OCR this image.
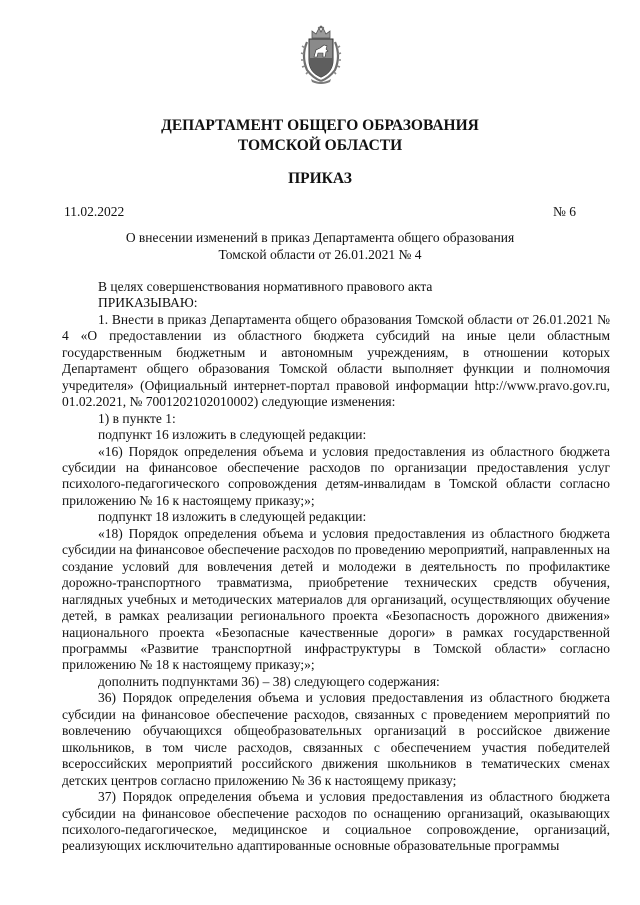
ДЕПАРТАМЕНТ ОБЩЕГО ОБРАЗОВАНИЯ
ТОМСКОЙ ОБЛАСТИ
ПРИКАЗ
11.02.2022	№ 6
О внесении изменений в приказ Департамента общего образования
Томской области от 26.01.2021 № 4

В целях совершенствования нормативного правового акта

ПРИКАЗЫВАЮ:

1. Внести в приказ Департамента общего образования Томской области от 26.01.2021 № 4 «О предоставлении из областного бюджета субсидий на иные цели областным государственным бюджетным и автономным учреждениям, в отношении которых Департамент общего образования Томской области выполняет функции и полномочия учредителя» (Официальный интернет-портал правовой информации http://www.pravo.gov.ru, 01.02.2021, № 7001202102010002) следующие изменения:

1) в пункте 1:

подпункт 16 изложить в следующей редакции:

«16) Порядок определения объема и условия предоставления из областного бюджета субсидии на финансовое обеспечение расходов по организации предоставления услуг психолого-педагогического сопровождения детям-инвалидам в Томской области согласно приложению № 16 к настоящему приказу;»;

подпункт 18 изложить в следующей редакции:

«18) Порядок определения объема и условия предоставления из областного бюджета субсидии на финансовое обеспечение расходов по проведению мероприятий, направленных на создание условий для вовлечения детей и молодежи в деятельность по профилактике дорожно-транспортного травматизма, приобретение технических средств обучения, наглядных учебных и методических материалов для организаций, осуществляющих обучение детей, в рамках реализации регионального проекта «Безопасность дорожного движения» национального проекта «Безопасные качественные дороги» в рамках государственной программы «Развитие транспортной инфраструктуры в Томской области» согласно приложению № 18 к настоящему приказу;»;

дополнить подпунктами 36) – 38) следующего содержания:

36) Порядок определения объема и условия предоставления из областного бюджета субсидии на финансовое обеспечение расходов, связанных с проведением мероприятий по вовлечению обучающихся общеобразовательных организаций в российское движение школьников, в том числе расходов, связанных с обеспечением участия победителей всероссийских мероприятий российского движения школьников в тематических сменах детских центров согласно приложению № 36 к настоящему приказу;

37) Порядок определения объема и условия предоставления из областного бюджета субсидии на финансовое обеспечение расходов по оснащению организаций, оказывающих психолого-педагогическое, медицинское и социальное сопровождение, организаций, реализующих исключительно адаптированные основные образовательные программы
